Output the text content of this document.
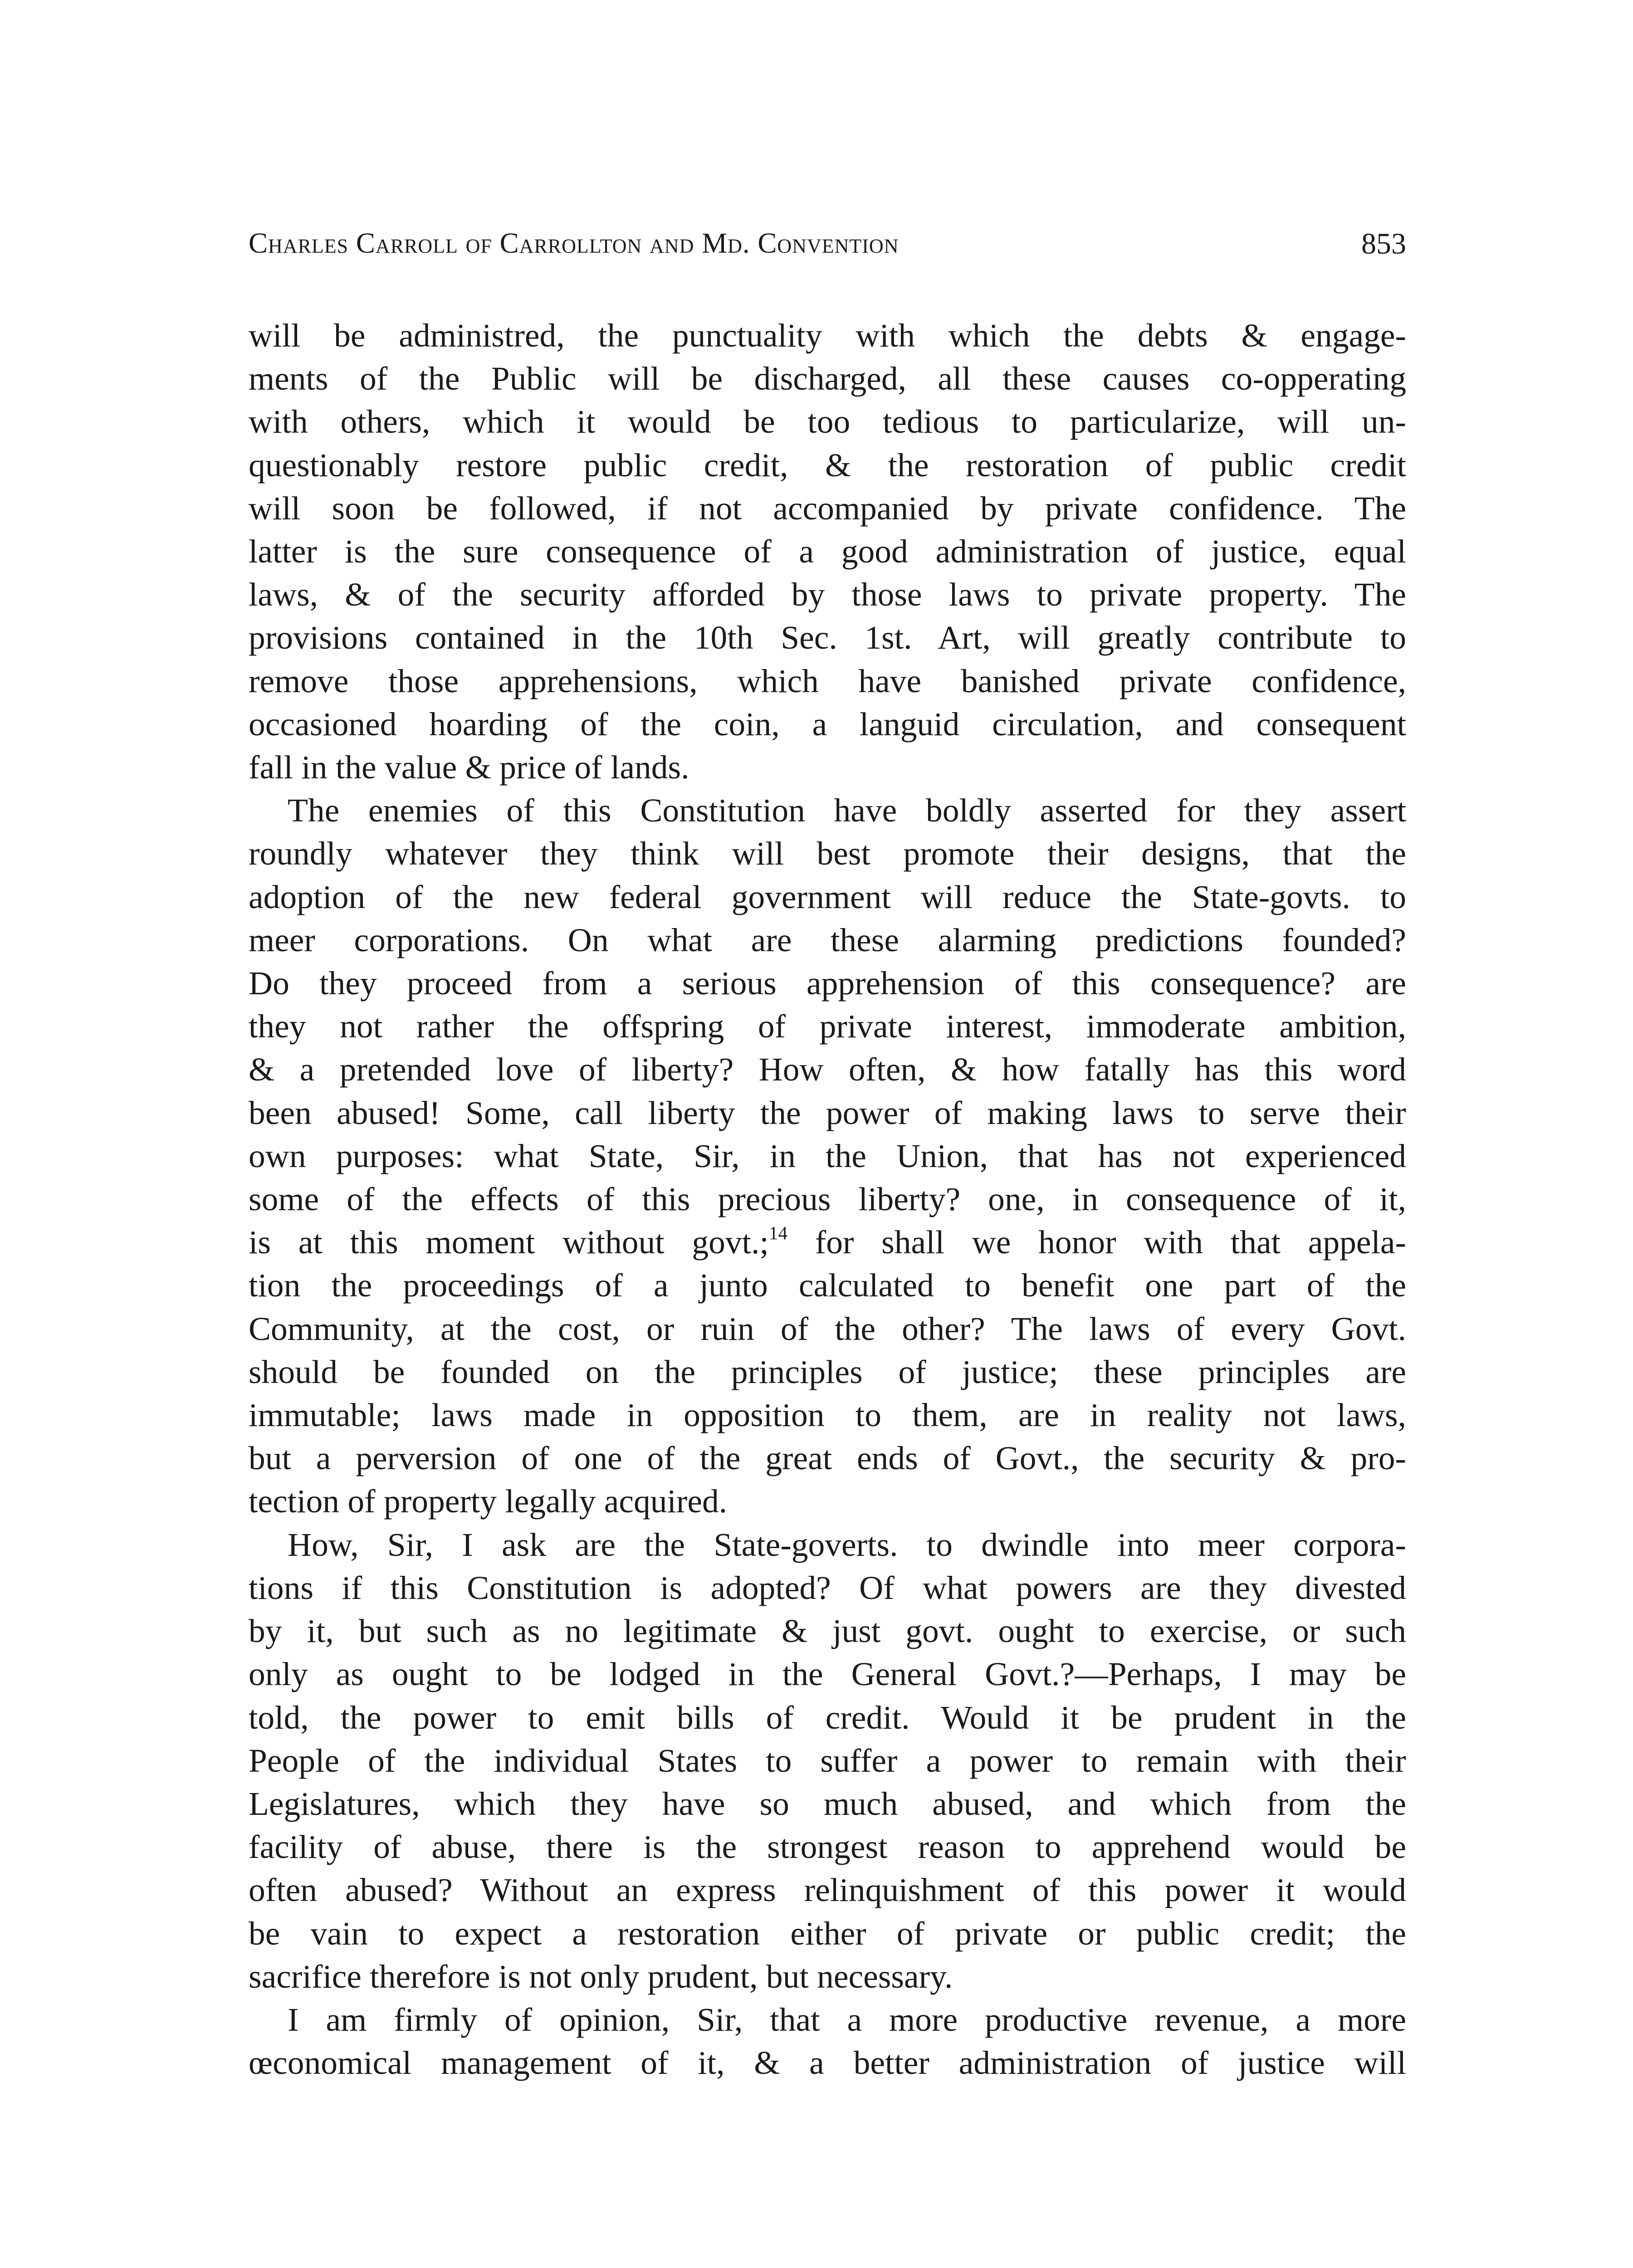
Charles Carroll of Carrollton and Md. Convention	853

will be administred, the punctuality with which the debts & engage-
ments of the Public will be discharged, all these causes co-opperating
with others, which it would be too tedious to particularize, will un-
questionably restore public credit, & the restoration of public credit
will soon be followed, if not accompanied by private confidence. The
latter is the sure consequence of a good administration of justice, equal
laws, & of the security afforded by those laws to private property. The
provisions contained in the 10th Sec. 1st. Art, will greatly contribute to
remove those apprehensions, which have banished private confidence,
occasioned hoarding of the coin, a languid circulation, and consequent
fall in the value & price of lands.

The enemies of this Constitution have boldly asserted for they assert
roundly whatever they think will best promote their designs, that the
adoption of the new federal government will reduce the State-govts. to
meer corporations. On what are these alarming predictions founded?
Do they proceed from a serious apprehension of this consequence? are
they not rather the offspring of private interest, immoderate ambition,
& a pretended love of liberty? How often, & how fatally has this word
been abused! Some, call liberty the power of making laws to serve their
own purposes: what State, Sir, in the Union, that has not experienced
some of the effects of this precious liberty? one, in consequence of it,
is at this moment without govt.;$^{14}$ for shall we honor with that appela-
tion the proceedings of a junto calculated to benefit one part of the
Community, at the cost, or ruin of the other? The laws of every Govt.
should be founded on the principles of justice; these principles are
immutable; laws made in opposition to them, are in reality not laws,
but a perversion of one of the great ends of Govt., the security & pro-
tection of property legally acquired.

How, Sir, I ask are the State-goverts. to dwindle into meer corpora-
tions if this Constitution is adopted? Of what powers are they divested
by it, but such as no legitimate & just govt. ought to exercise, or such
only as ought to be lodged in the General Govt.?—Perhaps, I may be
told, the power to emit bills of credit. Would it be prudent in the
People of the individual States to suffer a power to remain with their
Legislatures, which they have so much abused, and which from the
facility of abuse, there is the strongest reason to apprehend would be
often abused? Without an express relinquishment of this power it would
be vain to expect a restoration either of private or public credit; the
sacrifice therefore is not only prudent, but necessary.

I am firmly of opinion, Sir, that a more productive revenue, a more
œconomical management of it, & a better administration of justice will
